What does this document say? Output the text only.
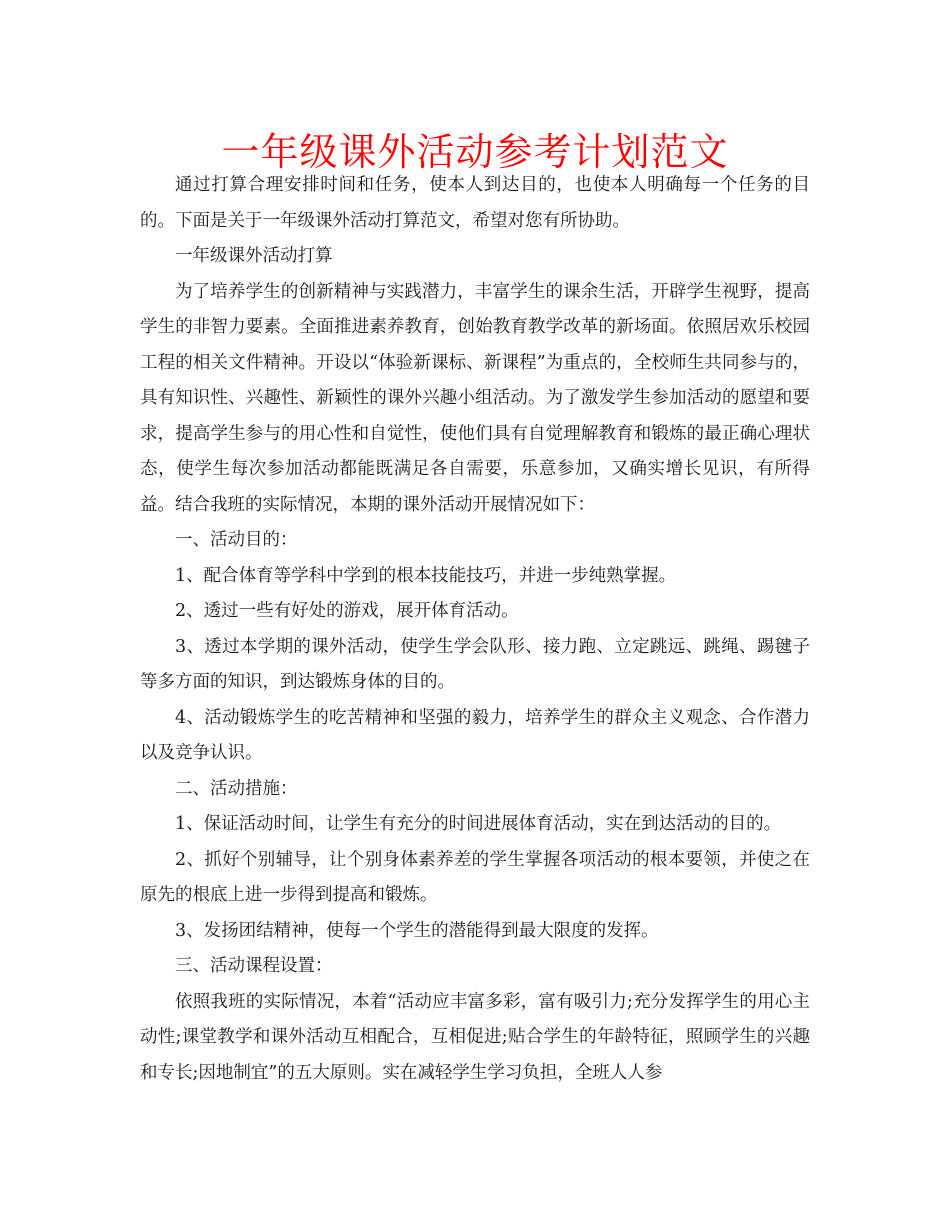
一年级课外活动参考计划范文

通过打算合理安排时间和任务，使本人到达目的，也使本人明确每一个任务的目的。下面是关于一年级课外活动打算范文，希望对您有所协助。

一年级课外活动打算

为了培养学生的创新精神与实践潜力，丰富学生的课余生活，开辟学生视野，提高学生的非智力要素。全面推进素养教育，创始教育教学改革的新场面。依照居欢乐校园工程的相关文件精神。开设以“体验新课标、新课程”为重点的，全校师生共同参与的，具有知识性、兴趣性、新颖性的课外兴趣小组活动。为了激发学生参加活动的愿望和要求，提高学生参与的用心性和自觉性，使他们具有自觉理解教育和锻炼的最正确心理状态，使学生每次参加活动都能既满足各自需要，乐意参加，又确实增长见识，有所得益。结合我班的实际情况，本期的课外活动开展情况如下：

一、活动目的：

1、配合体育等学科中学到的根本技能技巧，并进一步纯熟掌握。

2、透过一些有好处的游戏，展开体育活动。

3、透过本学期的课外活动，使学生学会队形、接力跑、立定跳远、跳绳、踢毽子等多方面的知识，到达锻炼身体的目的。

4、活动锻炼学生的吃苦精神和坚强的毅力，培养学生的群众主义观念、合作潜力以及竞争认识。

二、活动措施：

1、保证活动时间，让学生有充分的时间进展体育活动，实在到达活动的目的。

2、抓好个别辅导，让个别身体素养差的学生掌握各项活动的根本要领，并使之在原先的根底上进一步得到提高和锻炼。

3、发扬团结精神，使每一个学生的潜能得到最大限度的发挥。

三、活动课程设置：

依照我班的实际情况，本着“活动应丰富多彩，富有吸引力;充分发挥学生的用心主动性;课堂教学和课外活动互相配合，互相促进;贴合学生的年龄特征，照顾学生的兴趣和专长;因地制宜”的五大原则。实在减轻学生学习负担，全班人人参
